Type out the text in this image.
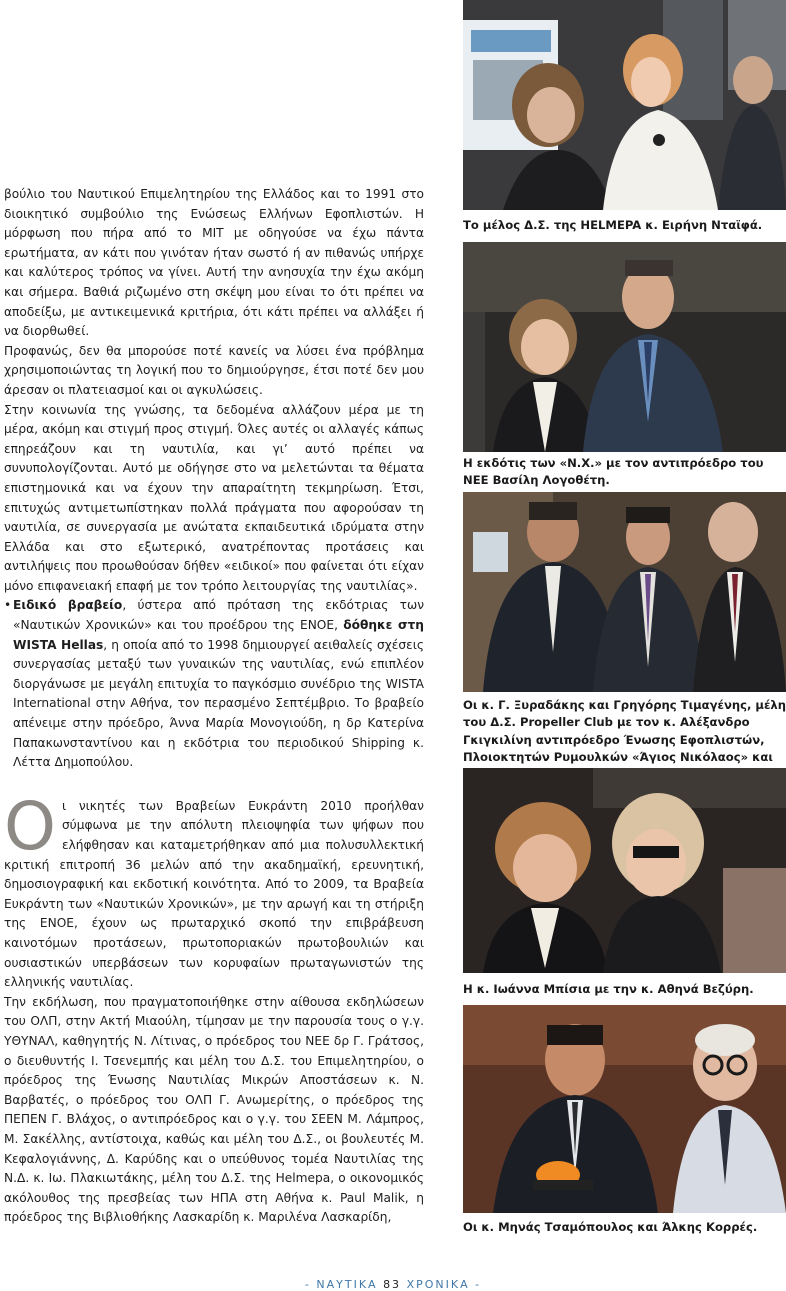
βούλιο του Ναυτικού Επιμελητηρίου της Ελλάδος και το 1991 στο διοικητικό συμβούλιο της Ενώσεως Ελλήνων Εφοπλιστών. Η μόρφωση που πήρα από το ΜΙΤ με οδηγούσε να έχω πάντα ερωτήματα, αν κάτι που γινόταν ήταν σωστό ή αν πιθανώς υπήρχε και καλύτερος τρόπος να γίνει. Αυτή την ανησυχία την έχω ακόμη και σήμερα. Βαθιά ριζωμένο στη σκέψη μου είναι το ότι πρέπει να αποδείξω, με αντικειμενικά κριτήρια, ότι κάτι πρέπει να αλλάξει ή να διορθωθεί.

Προφανώς, δεν θα μπορούσε ποτέ κανείς να λύσει ένα πρόβλημα χρησιμοποιώντας τη λογική που το δημιούργησε, έτσι ποτέ δεν μου άρεσαν οι πλατειασμοί και οι αγκυλώσεις.

Στην κοινωνία της γνώσης, τα δεδομένα αλλάζουν μέρα με τη μέρα, ακόμη και στιγμή προς στιγμή. Όλες αυτές οι αλλαγές κάπως επηρεάζουν και τη ναυτιλία, και γι’ αυτό πρέπει να συνυπολογίζονται. Αυτό με οδήγησε στο να μελετώνται τα θέματα επιστημονικά και να έχουν την απαραίτητη τεκμηρίωση. Έτσι, επιτυχώς αντιμετωπίστηκαν πολλά πράγματα που αφορούσαν τη ναυτιλία, σε συνεργασία με ανώτατα εκπαιδευτικά ιδρύματα στην Ελλάδα και στο εξωτερικό, ανατρέποντας προτάσεις και αντιλήψεις που προωθούσαν δήθεν «ειδικοί» που φαίνεται ότι είχαν μόνο επιφανειακή επαφή με τον τρόπο λειτουργίας της ναυτιλίας».

• Ειδικό βραβείο, ύστερα από πρόταση της εκδότριας των «Ναυτικών Χρονικών» και του προέδρου της ΕΝΟΕ, δόθηκε στη WISTA Hellas, η οποία από το 1998 δημιουργεί αειθαλείς σχέσεις συνεργασίας μεταξύ των γυναικών της ναυτιλίας, ενώ επιπλέον διοργάνωσε με μεγάλη επιτυχία το παγκόσμιο συνέδριο της WISTA International στην Αθήνα, τον περασμένο Σεπτέμβριο. Το βραβείο απένειμε στην πρόεδρο, Άννα Μαρία Μονογιούδη, η δρ Κατερίνα Παπακωνσταντίνου και η εκδότρια του περιοδικού Shipping κ. Λέττα Δημοπούλου.

Οι νικητές των Βραβείων Ευκράντη 2010 προήλθαν σύμφωνα με την απόλυτη πλειοψηφία των ψήφων που ελήφθησαν και καταμετρήθηκαν από μια πολυσυλλεκτική κριτική επιτροπή 36 μελών από την ακαδημαϊκή, ερευνητική, δημοσιογραφική και εκδοτική κοινότητα. Από το 2009, τα Βραβεία Ευκράντη των «Ναυτικών Χρονικών», με την αρωγή και τη στήριξη της ΕΝΟΕ, έχουν ως πρωταρχικό σκοπό την επιβράβευση καινοτόμων προτάσεων, πρωτοποριακών πρωτοβουλιών και ουσιαστικών υπερβάσεων των κορυφαίων πρωταγωνιστών της ελληνικής ναυτιλίας.

Την εκδήλωση, που πραγματοποιήθηκε στην αίθουσα εκδηλώσεων του ΟΛΠ, στην Ακτή Μιαούλη, τίμησαν με την παρουσία τους ο γ.γ. ΥΘΥΝΑΛ, καθηγητής Ν. Λίτινας, ο πρόεδρος του ΝΕΕ δρ Γ. Γράτσος, ο διευθυντής Ι. Τσενεμπής και μέλη του Δ.Σ. του Επιμελητηρίου, ο πρόεδρος της Ένωσης Ναυτιλίας Μικρών Αποστάσεων κ. Ν. Βαρβατές, ο πρόεδρος του ΟΛΠ Γ. Ανωμερίτης, ο πρόεδρος της ΠΕΠΕΝ Γ. Βλάχος, ο αντιπρόεδρος και ο γ.γ. του ΣΕΕΝ Μ. Λάμπρος, Μ. Σακέλλης, αντίστοιχα, καθώς και μέλη του Δ.Σ., οι βουλευτές Μ. Κεφαλογιάννης, Δ. Καρύδης και ο υπεύθυνος τομέα Ναυτιλίας της Ν.Δ. κ. Ιω. Πλακιωτάκης, μέλη του Δ.Σ. της Helmepa, ο οικονομικός ακόλουθος της πρεσβείας των ΗΠΑ στη Αθήνα κ. Paul Malik, η πρόεδρος της Βιβλιοθήκης Λασκαρίδη κ. Μαριλένα Λασκαρίδη,

Το μέλος Δ.Σ. της HELMEPA κ. Ειρήνη Νταϊφά.
Η εκδότις των «Ν.Χ.» με τον αντιπρόεδρο του ΝΕΕ Βασίλη Λογοθέτη.
Οι κ. Γ. Ξυραδάκης και Γρηγόρης Τιμαγένης, μέλη του Δ.Σ. Propeller Club με τον κ. Αλέξανδρο Γκιγκιλίνη αντιπρόεδρο Ένωσης Εφοπλιστών, Πλοιοκτητών Ρυμουλκών «Άγιος Νικόλαος» και
Η κ. Ιωάννα Μπίσια με την κ. Αθηνά Βεζύρη.
Οι κ. Μηνάς Τσαμόπουλος και Άλκης Κορρές.
- ΝΑΥΤΙΚΑ 83 ΧΡΟΝΙΚΑ -
